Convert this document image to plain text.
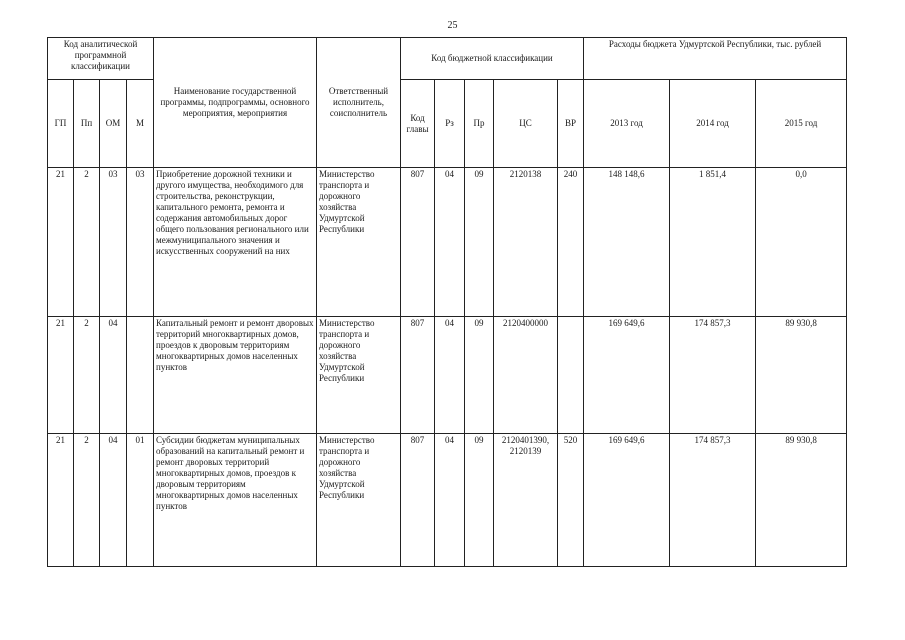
25
Код аналитической программной классификации				Наименование государственной программы, подпрограммы, основного мероприятия, мероприятия	Ответственный исполнитель, соисполнитель	Код бюджетной классификации					Расходы бюджета Удмуртской Республики, тыс. рублей		
ГП	Пп	ОМ	М			Код главы	Рз	Пр	ЦС	ВР	2013 год	2014 год	2015 год
21	2	03	03	Приобретение дорожной техники и другого имущества, необходимого для строительства, реконструкции, капитального ремонта, ремонта и содержания автомобильных дорог общего пользования регионального или межмуниципального значения и искусственных сооружений на них	Министерство транспорта и дорожного хозяйства Удмуртской Республики	807	04	09	2120138	240	148 148,6	1 851,4	0,0
21	2	04		Капитальный ремонт и ремонт дворовых территорий многоквартирных домов, проездов к дворовым территориям многоквартирных домов населенных пунктов	Министерство транспорта и дорожного хозяйства Удмуртской Республики	807	04	09	2120400000		169 649,6	174 857,3	89 930,8
21	2	04	01	Субсидии бюджетам муниципальных образований на капитальный ремонт и ремонт дворовых территорий многоквартирных домов, проездов к дворовым территориям многоквартирных домов населенных пунктов	Министерство транспорта и дорожного хозяйства Удмуртской Республики	807	04	09	2120401390, 2120139	520	169 649,6	174 857,3	89 930,8
